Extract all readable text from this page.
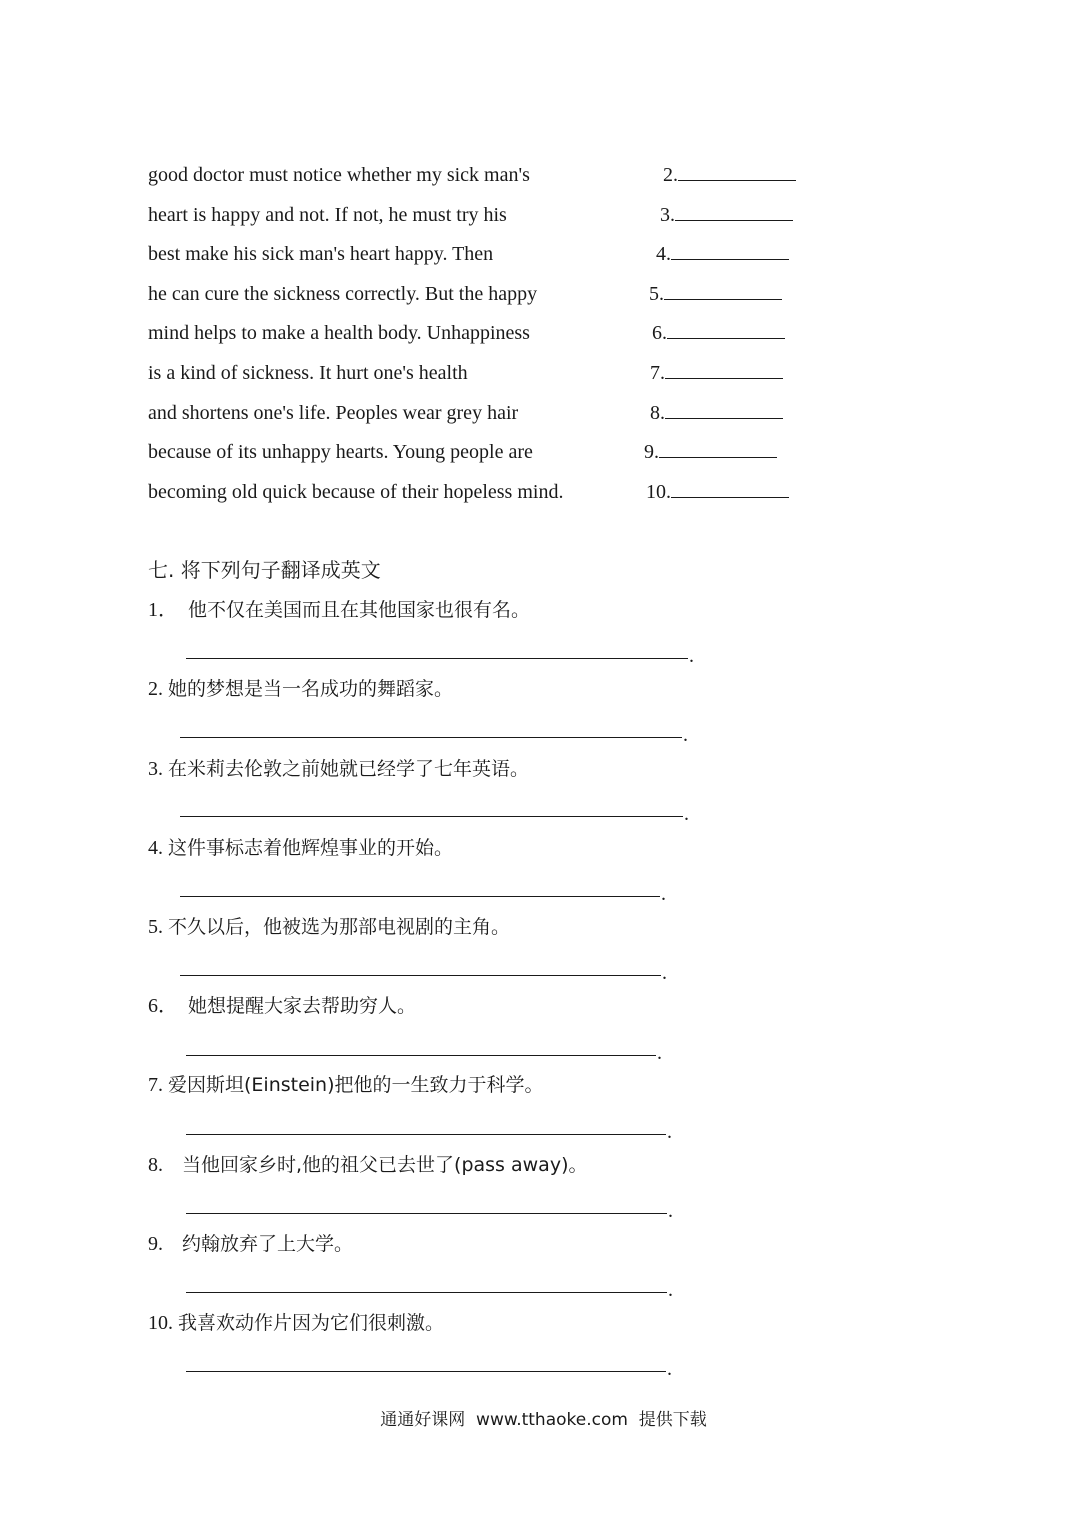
good doctor must notice whether my sick man's
heart is happy and not. If not, he must try his
best make his sick man's heart happy. Then
he can cure the sickness correctly. But the happy
mind helps to make a health body. Unhappiness
is a kind of sickness. It hurt one's health
and shortens one's life. Peoples wear grey hair
because of its unhappy hearts. Young people are
becoming old quick because of their hopeless mind.
2.
3.
4.
5.
6.
7.
8.
9.
10.
七. 将下列句子翻译成英文
1． 他不仅在美国而且在其他国家也很有名。
.
2. 她的梦想是当一名成功的舞蹈家。
.
3. 在米莉去伦敦之前她就已经学了七年英语。
.
4. 这件事标志着他辉煌事业的开始。
.
5. 不久以后，他被选为那部电视剧的主角。
.
6． 她想提醒大家去帮助穷人。
.
7. 爱因斯坦(Einstein)把他的一生致力于科学。
.
8. 当他回家乡时,他的祖父已去世了(pass away)。
.
9. 约翰放弃了上大学。
.
10. 我喜欢动作片因为它们很刺激。
.
通通好课网  www.tthaoke.com  提供下载
